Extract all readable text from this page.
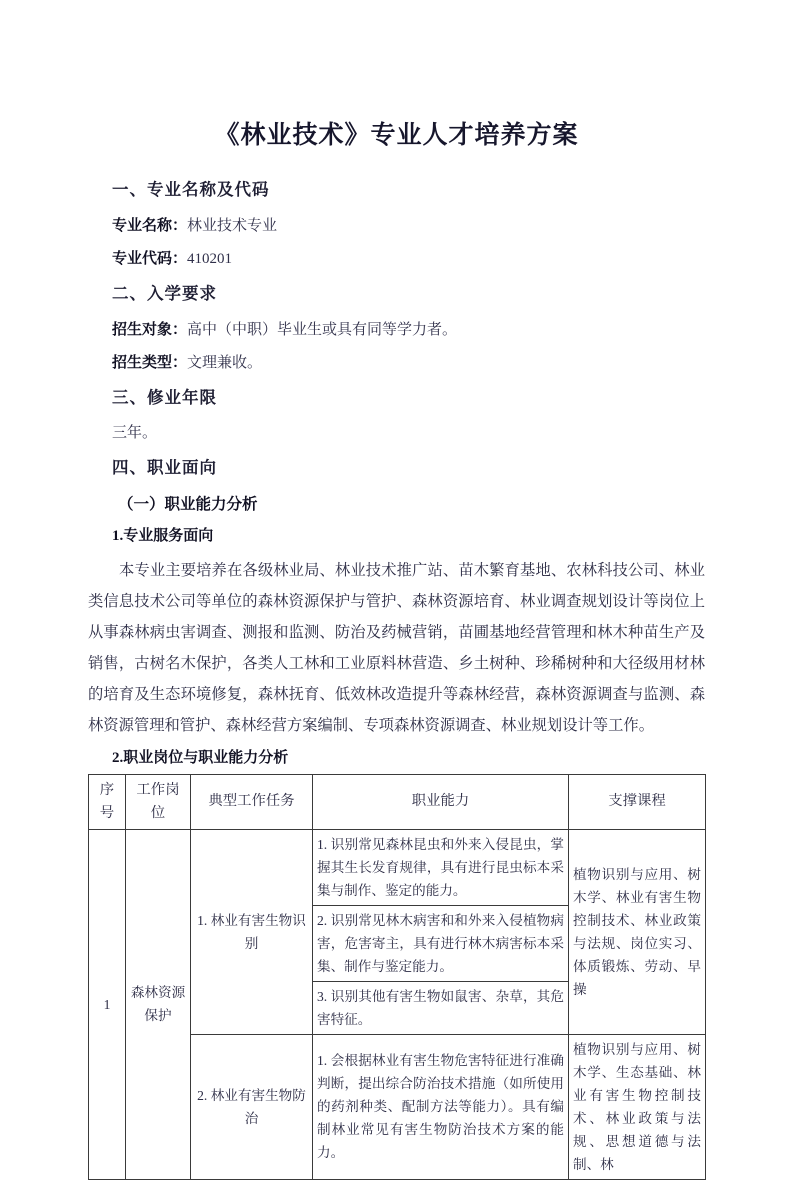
《林业技术》专业人才培养方案

一、专业名称及代码

专业名称：林业技术专业

专业代码：410201

二、入学要求

招生对象：高中（中职）毕业生或具有同等学力者。

招生类型：文理兼收。

三、修业年限

三年。

四、职业面向

（一）职业能力分析

1.专业服务面向

本专业主要培养在各级林业局、林业技术推广站、苗木繁育基地、农林科技公司、林业类信息技术公司等单位的森林资源保护与管护、森林资源培育、林业调查规划设计等岗位上从事森林病虫害调查、测报和监测、防治及药械营销，苗圃基地经营管理和林木种苗生产及销售，古树名木保护，各类人工林和工业原料林营造、乡土树种、珍稀树种和大径级用材林的培育及生态环境修复，森林抚育、低效林改造提升等森林经营，森林资源调查与监测、森林资源管理和管护、森林经营方案编制、专项森林资源调查、林业规划设计等工作。

2.职业岗位与职业能力分析

序号	工作岗位	典型工作任务	职业能力	支撑课程
1	森林资源保护	1. 林业有害生物识别	1. 识别常见森林昆虫和外来入侵昆虫，掌握其生长发育规律，具有进行昆虫标本采集与制作、鉴定的能力。	植物识别与应用、树木学、林业有害生物控制技术、林业政策与法规、岗位实习、体质锻炼、劳动、早操
			2. 识别常见林木病害和和外来入侵植物病害，危害寄主，具有进行林木病害标本采集、制作与鉴定能力。	
			3. 识别其他有害生物如鼠害、杂草，其危害特征。	
		2. 林业有害生物防治	1. 会根据林业有害生物危害特征进行准确判断，提出综合防治技术措施（如所使用的药剂种类、配制方法等能力）。具有编制林业常见有害生物防治技术方案的能力。	植物识别与应用、树木学、生态基础、林业有害生物控制技术、林业政策与法规、思想道德与法制、林
